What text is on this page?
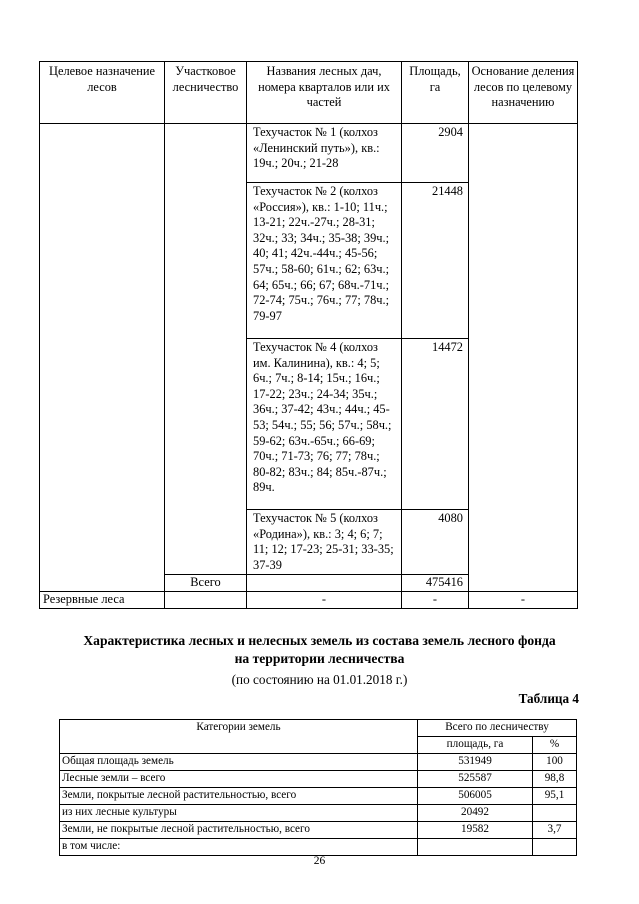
Целевое назначение лесов	Участковое лесничество	Названия лесных дач, номера кварталов или их частей	Площадь, га	Основание деления лесов по целевому назначению
		Техучасток № 1 (колхоз «Ленинский путь»), кв.: 19ч.; 20ч.; 21-28	2904	
		Техучасток № 2 (колхоз «Россия»), кв.: 1-10; 11ч.; 13-21; 22ч.-27ч.; 28-31; 32ч.; 33; 34ч.; 35-38; 39ч.; 40; 41; 42ч.-44ч.; 45-56; 57ч.; 58-60; 61ч.; 62; 63ч.; 64; 65ч.; 66; 67; 68ч.-71ч.; 72-74; 75ч.; 76ч.; 77; 78ч.; 79-97	21448	
		Техучасток № 4 (колхоз им. Калинина), кв.: 4; 5; 6ч.; 7ч.; 8-14; 15ч.; 16ч.; 17-22; 23ч.; 24-34; 35ч.; 36ч.; 37-42; 43ч.; 44ч.; 45-53; 54ч.; 55; 56; 57ч.; 58ч.; 59-62; 63ч.-65ч.; 66-69; 70ч.; 71-73; 76; 77; 78ч.; 80-82; 83ч.; 84; 85ч.-87ч.; 89ч.	14472	
		Техучасток № 5 (колхоз «Родина»), кв.: 3; 4; 6; 7; 11; 12; 17-23; 25-31; 33-35; 37-39	4080	
	Всего		475416	
Резервные леса		-	-	-
Характеристика лесных и нелесных земель из состава земель лесного фонда
на территории лесничества
(по состоянию на 01.01.2018 г.)
Таблица 4
Категории земель	Всего по лесничеству	
	площадь, га	%
Общая площадь земель	531949	100
Лесные земли – всего	525587	98,8
Земли, покрытые лесной растительностью, всего	506005	95,1
из них лесные культуры	20492	
Земли, не покрытые лесной растительностью, всего	19582	3,7
в том числе:		
26
